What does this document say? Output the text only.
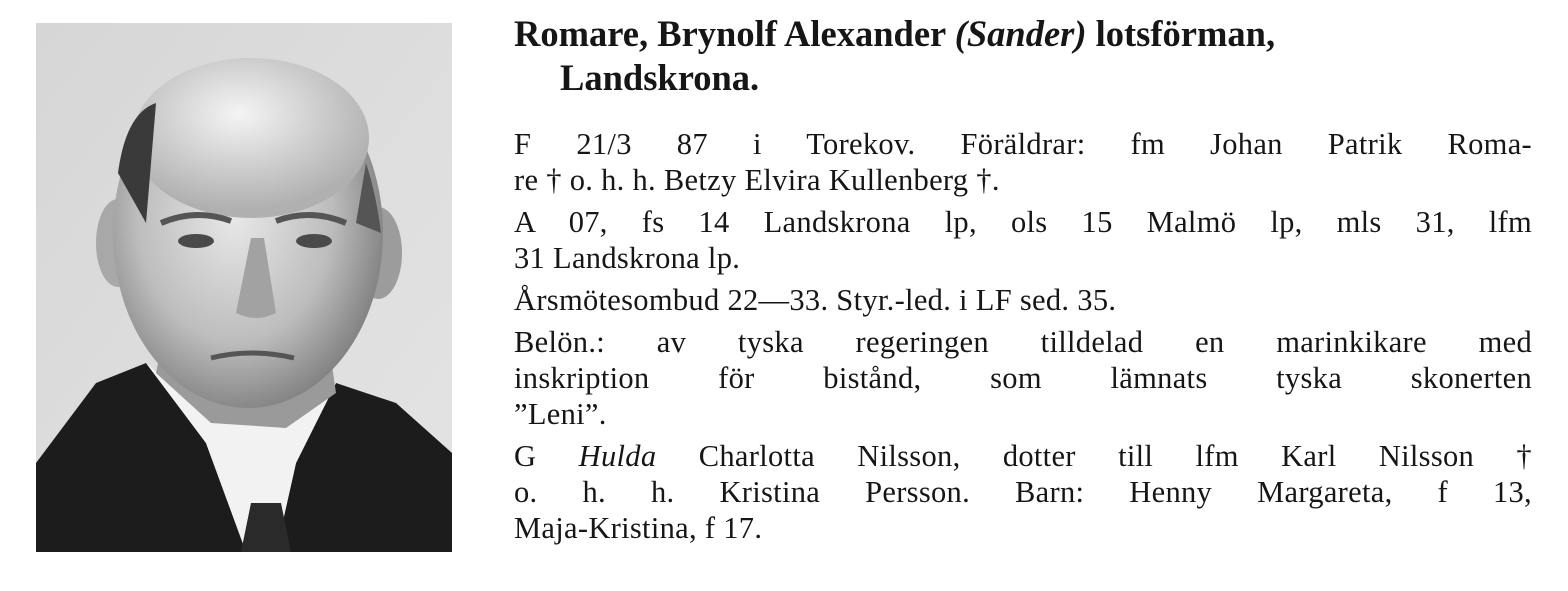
Romare, Brynolf Alexander (Sander) lotsförman,
Landskrona.

F 21/3 87 i Torekov. Föräldrar: fm Johan Patrik Roma-
re † o. h. h. Betzy Elvira Kullenberg †.

A 07, fs 14 Landskrona lp, ols 15 Malmö lp, mls 31, lfm
31 Landskrona lp.

Årsmötesombud 22—33. Styr.-led. i LF sed. 35.

Belön.: av tyska regeringen tilldelad en marinkikare med
inskription för bistånd, som lämnats tyska skonerten
”Leni”.

G Hulda Charlotta Nilsson, dotter till lfm Karl Nilsson †
o. h. h. Kristina Persson. Barn: Henny Margareta, f 13,
Maja-Kristina, f 17.
